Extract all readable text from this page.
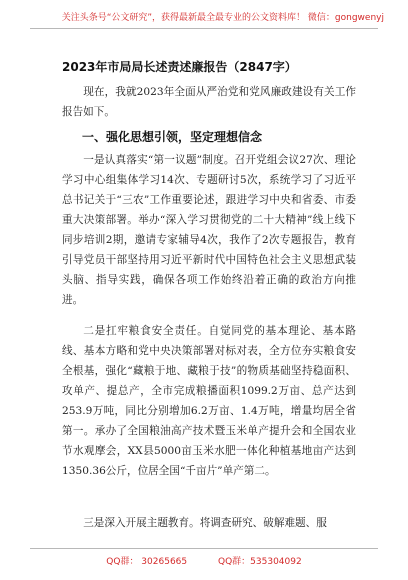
关注头条号“公文研究”，获得最新最全最专业的公文资料库！ 微信：gongwenyj
2023年市局局长述责述廉报告（2847字）

现在，我就2023年全面从严治党和党风廉政建设有关工作报告如下。

一、强化思想引领，坚定理想信念

一是认真落实“第一议题”制度。召开党组会议27次、理论学习中心组集体学习14次、专题研讨5次，系统学习了习近平总书记关于“三农”工作重要论述，跟进学习中央和省委、市委重大决策部署。举办“深入学习贯彻党的二十大精神”线上线下同步培训2期，邀请专家辅导4次，我作了2次专题报告，教育引导党员干部坚持用习近平新时代中国特色社会主义思想武装头脑、指导实践，确保各项工作始终沿着正确的政治方向推进。

二是扛牢粮食安全责任。自觉同党的基本理论、基本路线、基本方略和党中央决策部署对标对表，全方位夯实粮食安全根基，强化“藏粮于地、藏粮于技”的物质基础坚持稳面积、攻单产、提总产，全市完成粮播面积1099.2万亩、总产达到253.9万吨，同比分别增加6.2万亩、1.4万吨，增量均居全省第一。承办了全国粮油高产技术暨玉米单产提升会和全国农业节水观摩会，XX县5000亩玉米水肥一体化种植基地亩产达到1350.36公斤，位居全国“千亩片”单产第二。

三是深入开展主题教育。将调查研究、破解难题、服

QQ群： 30265665	QQ群：535304092
